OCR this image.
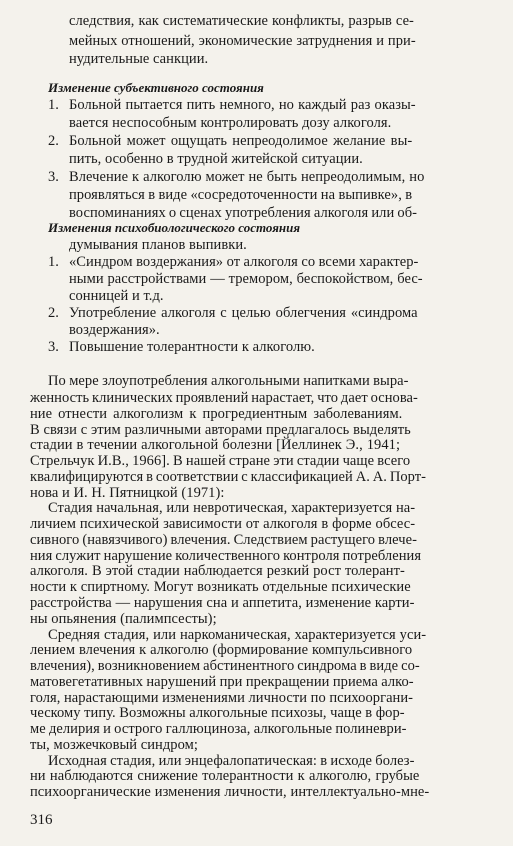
следствия, как систематические конфликты, разрыв се-
мейных отношений, экономические затруднения и при-
нудительные санкции.
Изменение субъективного состояния
1. Больной пытается пить немного, но каждый раз оказы-
вается неспособным контролировать дозу алкоголя.
2. Больной может ощущать непреодолимое желание вы-
пить, особенно в трудной житейской ситуации.
3. Влечение к алкоголю может не быть непреодолимым, но
проявляться в виде «сосредоточенности на выпивке», в
воспоминаниях о сценах употребления алкоголя или об-
думывания планов выпивки.
Изменения психобиологического состояния
1. «Синдром воздержания» от алкоголя со всеми характер-
ными расстройствами — тремором, беспокойством, бес-
сонницей и т.д.
2. Употребление алкоголя с целью облегчения «синдрома
воздержания».
3. Повышение толерантности к алкоголю.
По мере злоупотребления алкогольными напитками выра-
женность клинических проявлений нарастает, что дает основа-
ние отнести алкоголизм к прогредиентным заболеваниям.
В связи с этим различными авторами предлагалось выделять
стадии в течении алкогольной болезни [Йеллинек Э., 1941;
Стрельчук И.В., 1966]. В нашей стране эти стадии чаще всего
квалифицируются в соответствии с классификацией А. А. Порт-
нова и И. Н. Пятницкой (1971):
Стадия начальная, или невротическая, характеризуется на-
личием психической зависимости от алкоголя в форме обсес-
сивного (навязчивого) влечения. Следствием растущего влече-
ния служит нарушение количественного контроля потребления
алкоголя. В этой стадии наблюдается резкий рост толерант-
ности к спиртному. Могут возникать отдельные психические
расстройства — нарушения сна и аппетита, изменение карти-
ны опьянения (палимпсесты);
Средняя стадия, или наркоманическая, характеризуется уси-
лением влечения к алкоголю (формирование компульсивного
влечения), возникновением абстинентного синдрома в виде со-
матовегетативных нарушений при прекращении приема алко-
голя, нарастающими изменениями личности по психооргани-
ческому типу. Возможны алкогольные психозы, чаще в фор-
ме делирия и острого галлюциноза, алкогольные полиневри-
ты, мозжечковый синдром;
316
Исходная стадия, или энцефалопатическая: в исходе болез-
ни наблюдаются снижение толерантности к алкоголю, грубые
психоорганические изменения личности, интеллектуально-мне-
